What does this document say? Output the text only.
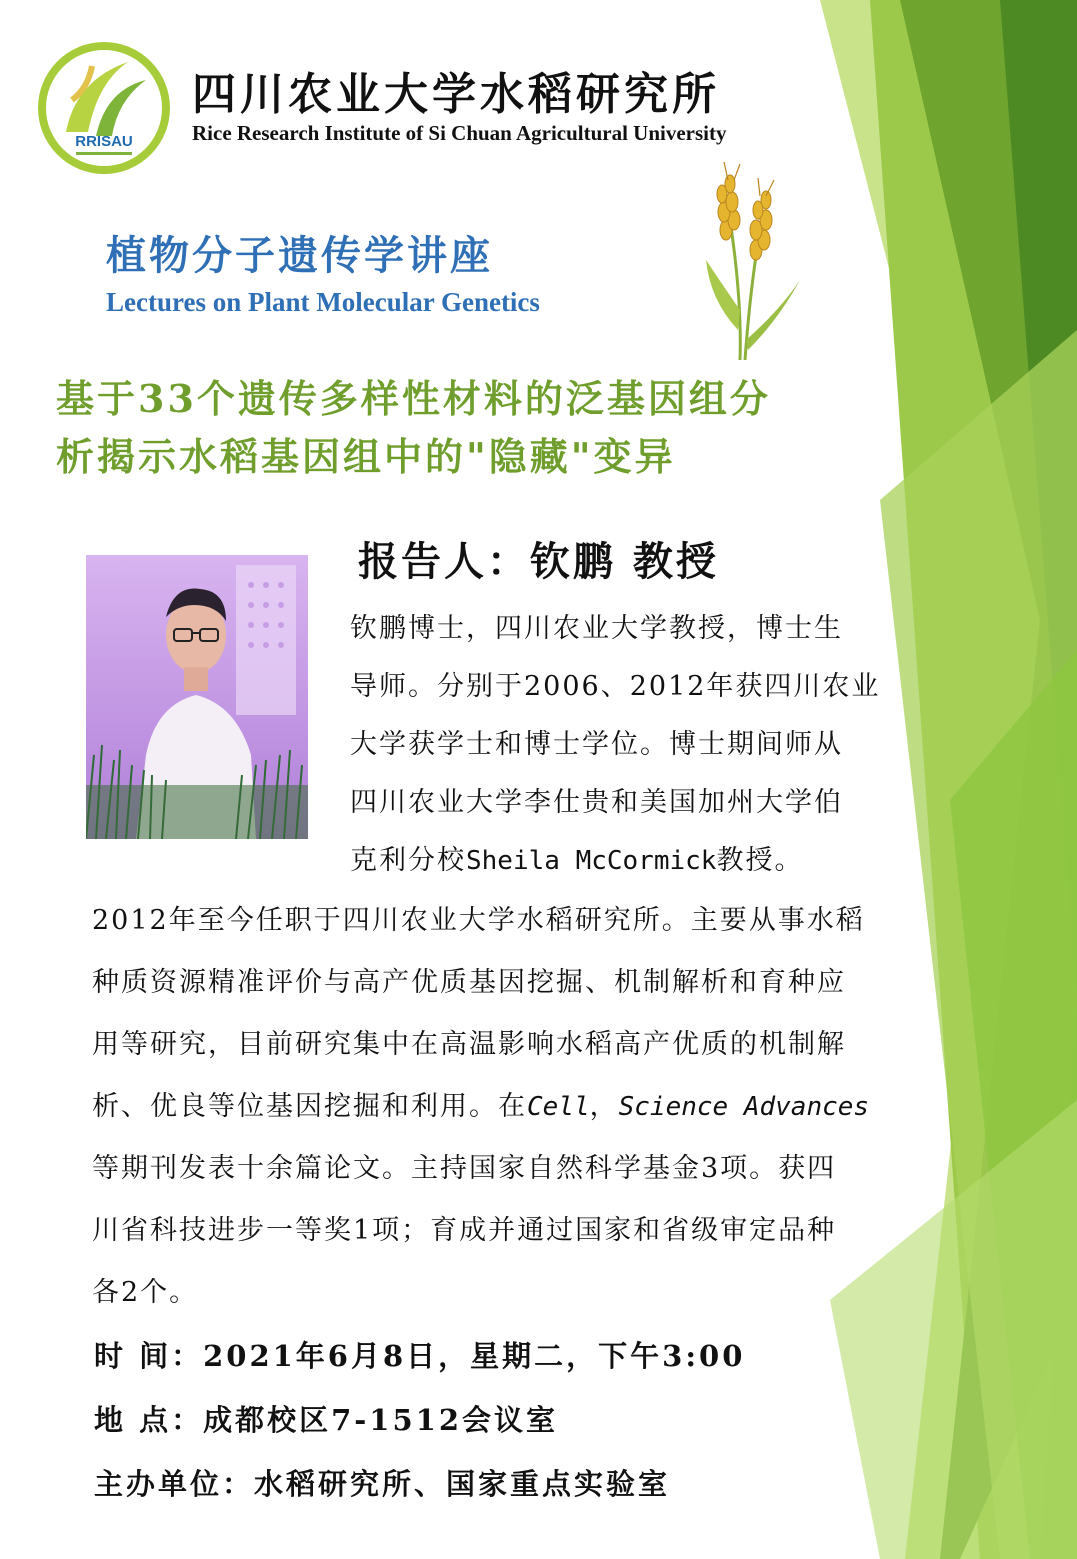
RRISAU
四川农业大学水稻研究所
Rice Research Institute of Si Chuan Agricultural University
植物分子遗传学讲座
Lectures on Plant Molecular Genetics
基于33个遗传多样性材料的泛基因组分
析揭示水稻基因组中的"隐藏"变异
报告人：钦鹏 教授
钦鹏博士，四川农业大学教授，博士生
导师。分别于2006、2012年获四川农业
大学获学士和博士学位。博士期间师从
四川农业大学李仕贵和美国加州大学伯
克利分校Sheila McCormick教授。
2012年至今任职于四川农业大学水稻研究所。主要从事水稻
种质资源精准评价与高产优质基因挖掘、机制解析和育种应
用等研究，目前研究集中在高温影响水稻高产优质的机制解
析、优良等位基因挖掘和利用。在Cell，Science Advances
等期刊发表十余篇论文。主持国家自然科学基金3项。获四
川省科技进步一等奖1项；育成并通过国家和省级审定品种
各2个。
时 间：2021年6月8日，星期二，下午3:00
地 点：成都校区7-1512会议室
主办单位：水稻研究所、国家重点实验室
